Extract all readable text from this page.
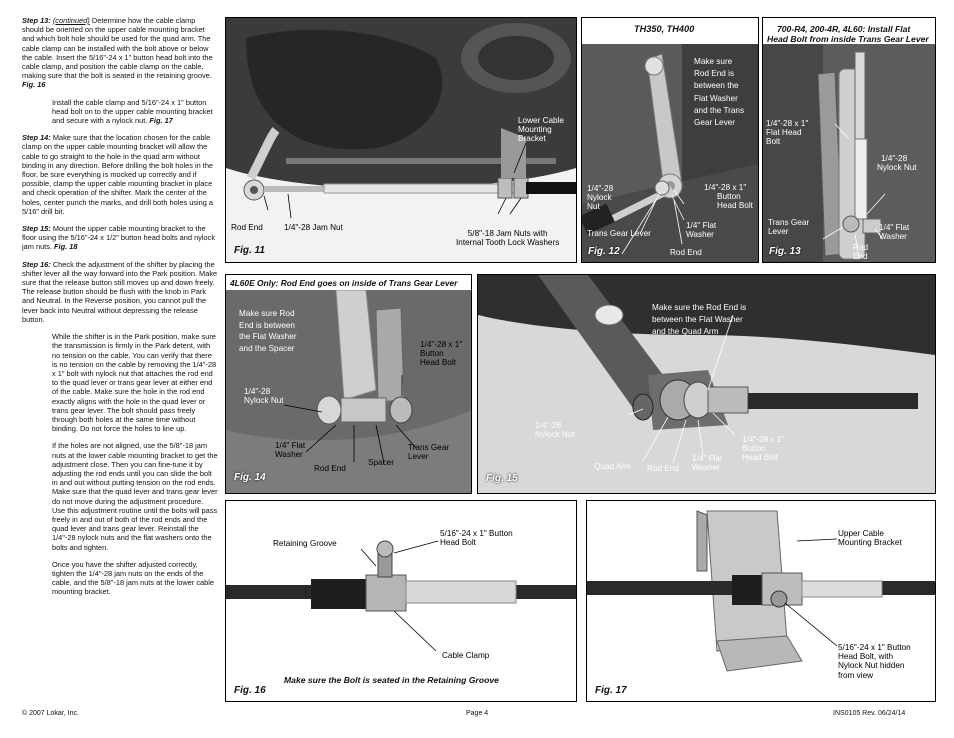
Step 13: (continued) Determine how the cable clamp should be oriented on the upper cable mounting bracket and which bolt hole should be used for the quad arm. The cable clamp can be installed with the bolt above or below the cable. Insert the 5/16"-24 x 1" button head bolt into the cable clamp, and position the cable clamp on the cable, making sure that the bolt is seated in the retaining groove. Fig. 16
Install the cable clamp and 5/16"-24 x 1" button head bolt on to the upper cable mounting bracket and secure with a nylock nut. Fig. 17
Step 14: Make sure that the location chosen for the cable clamp on the upper cable mounting bracket will allow the cable to go straight to the hole in the quad arm without binding in any direction. Before drilling the bolt holes in the floor, be sure everything is mocked up correctly and if possible, clamp the upper cable mounting bracket in place and check operation of the shifter. Mark the center of the holes, center punch the marks, and drill both holes using a 5/16" drill bit.
Step 15: Mount the upper cable mounting bracket to the floor using the 5/16"-24 x 1/2" button head bolts and nylock jam nuts. Fig. 18
Step 16: Check the adjustment of the shifter by placing the shifter lever all the way forward into the Park position. Make sure that the release button still moves up and down freely. The release button should be flush with the knob in Park and Neutral. In the Reverse position, you cannot pull the lever back into Neutral without depressing the release button.
While the shifter is in the Park position, make sure the transmission is firmly in the Park detent, with no tension on the cable. You can verify that there is no tension on the cable by removing the 1/4"-28 x 1" bolt with nylock nut that attaches the rod end to the quad lever or trans gear lever at either end of the cable. Make sure the hole in the rod end exactly aligns with the hole in the quad lever or trans gear lever. The bolt should pass freely through both holes at the same time without binding. Do not force the holes to line up.
If the holes are not aligned, use the 5/8"-18 jam nuts at the lower cable mounting bracket to get the adjustment close. Then you can fine-tune it by adjusting the rod ends until you can slide the bolt in and out without putting tension on the rod ends. Make sure that the quad lever and trans gear lever do not move during the adjustment procedure. Use this adjustment routine until the bolts will pass freely in and out of both of the rod ends and the quad lever and trans gear lever. Reinstall the 1/4"-28 nylock nuts and the flat washers onto the bolts and tighten.
Once you have the shifter adjusted correctly, tighten the 1/4"-28 jam nuts on the ends of the cable, and the 5/8"-18 jam nuts at the lower cable mounting bracket.
Rod End	1/4"-28 Jam Nut
5/8"-18 Jam Nuts with
Internal Tooth Lock Washers
Lower Cable
Mounting
Bracket
Fig. 11
TH350, TH400
Make sure
Rod End is
between the
Flat Washer
and the Trans
Gear Lever
1/4"-28
Nylock
Nut
1/4"-28 x 1"
Button
Head Bolt
Trans Gear Lever
1/4" Flat
Washer
Rod End
Fig. 12
700-R4, 200-4R, 4L60: Install Flat
Head Bolt from inside Trans Gear Lever
1/4"-28 x 1"
Flat Head
Bolt
1/4"-28
Nylock Nut
Trans Gear
Lever	1/4" Flat
Washer
Rod
End
Fig. 13
4L60E Only: Rod End goes on inside of Trans Gear Lever
Make sure Rod
End is between
the Flat Washer
and the Spacer	1/4"-28 x 1"
Button
Head Bolt
1/4"-28
Nylock Nut
1/4" Flat
Washer
Rod End
Spacer
Trans Gear
Lever
Fig. 14
Make sure the Rod End is
between the Flat Washer
and the Quad Arm
1/4"-28
Nylock Nut
1/4"-28 x 1"
Button
Head Bolt
Quad Arm Rod End
1/4" Flat
Washer
Fig. 15
Retaining Groove
5/16"-24 x 1" Button
Head Bolt
Cable Clamp
Make sure the Bolt is seated in the Retaining Groove
Fig. 16
Upper Cable
Mounting Bracket
5/16"-24 x 1" Button
Head Bolt, with
Nylock Nut hidden
from view
Fig. 17
© 2007 Lokar, Inc.	Page 4	INS0105 Rev. 06/24/14
